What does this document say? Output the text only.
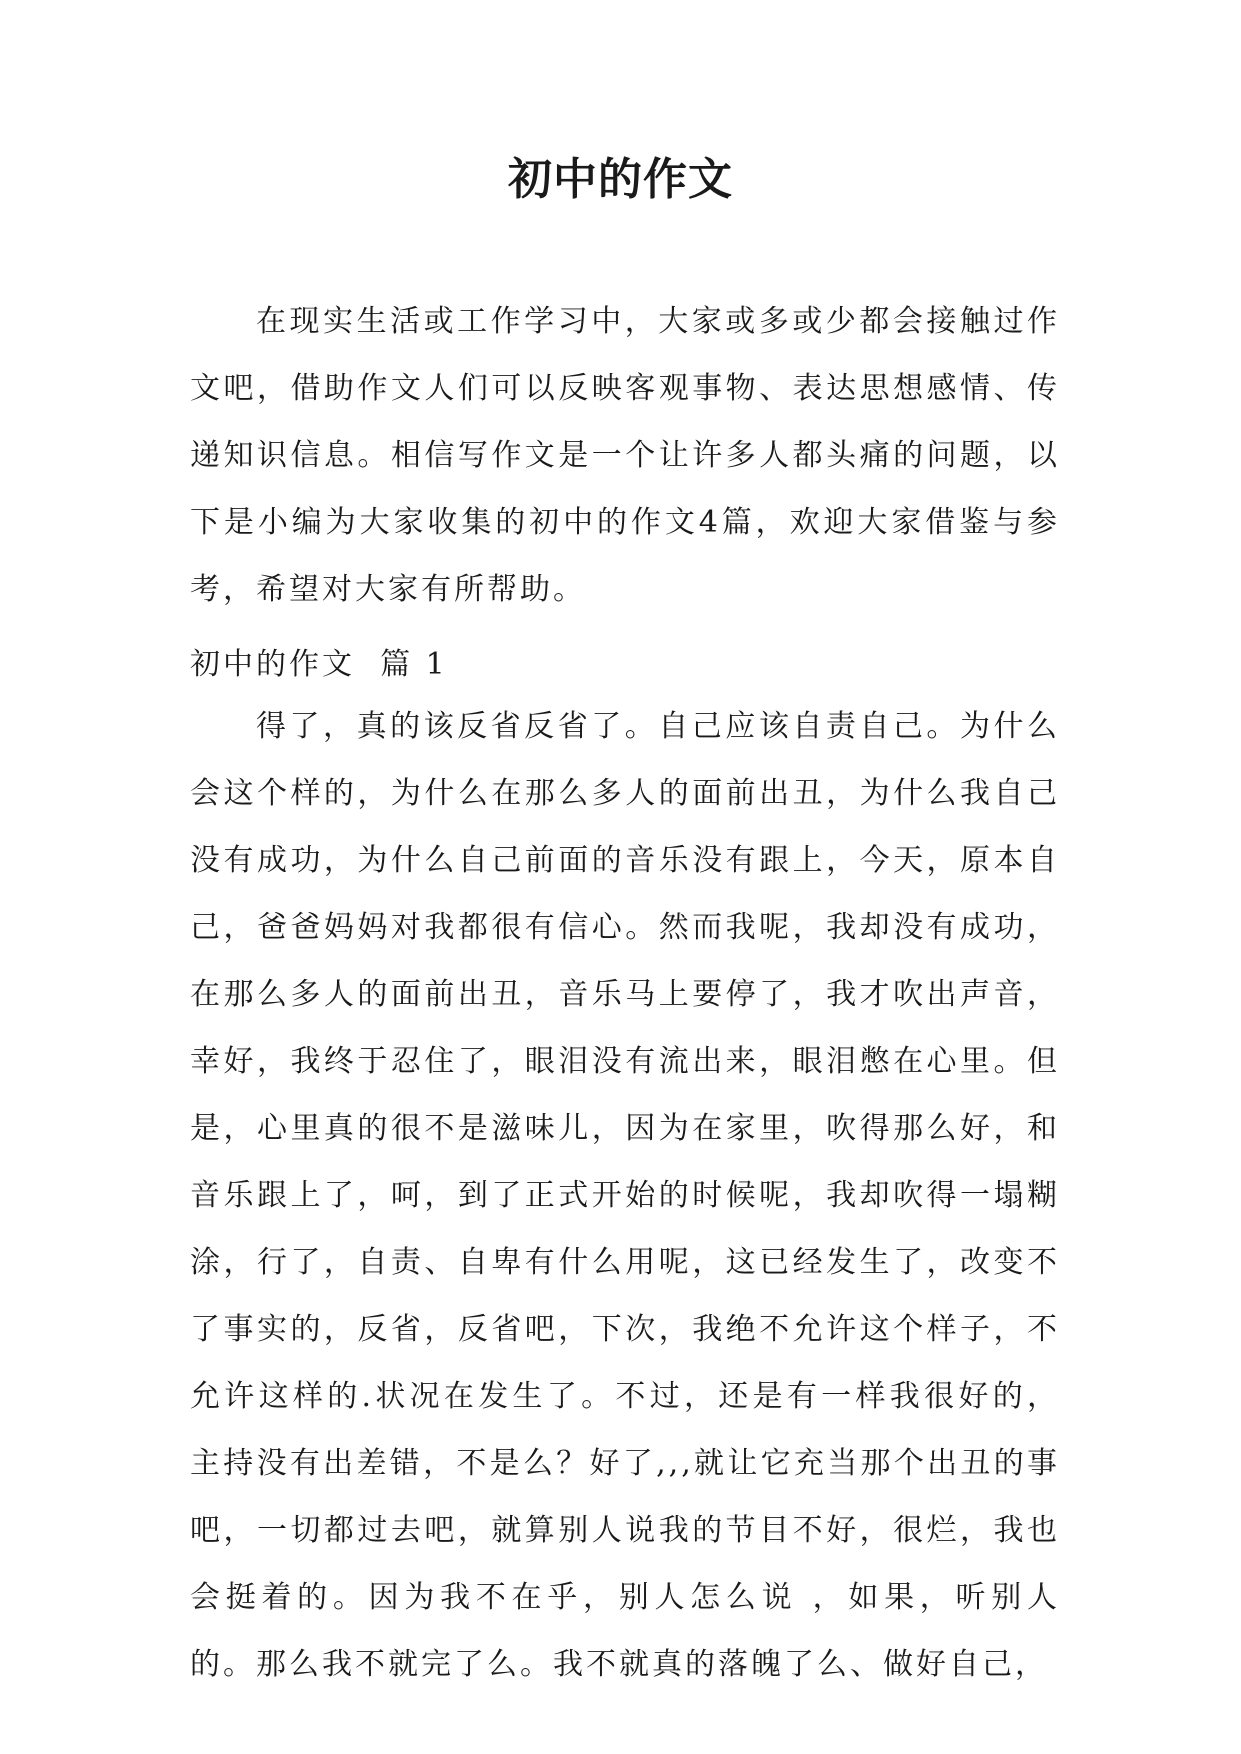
初中的作文

在现实生活或工作学习中，大家或多或少都会接触过作文吧，借助作文人们可以反映客观事物、表达思想感情、传递知识信息。相信写作文是一个让许多人都头痛的问题，以下是小编为大家收集的初中的作文4篇，欢迎大家借鉴与参考，希望对大家有所帮助。

初中的作文  篇 1

得了，真的该反省反省了。自己应该自责自己。为什么会这个样的，为什么在那么多人的面前出丑，为什么我自己没有成功，为什么自己前面的音乐没有跟上，今天，原本自己，爸爸妈妈对我都很有信心。然而我呢，我却没有成功，在那么多人的面前出丑，音乐马上要停了，我才吹出声音，幸好，我终于忍住了，眼泪没有流出来，眼泪憋在心里。但是，心里真的很不是滋味儿，因为在家里，吹得那么好，和音乐跟上了，呵，到了正式开始的时候呢，我却吹得一塌糊涂，行了，自责、自卑有什么用呢，这已经发生了，改变不了事实的，反省，反省吧，下次，我绝不允许这个样子，不允许这样的.状况在发生了。不过，还是有一样我很好的，主持没有出差错，不是么？好了,,,就让它充当那个出丑的事吧，一切都过去吧，就算别人说我的节目不好，很烂，我也会挺着的。因为我不在乎，别人怎么说 ，如果，听别人的。那么我不就完了么。我不就真的落魄了么、做好自己，
